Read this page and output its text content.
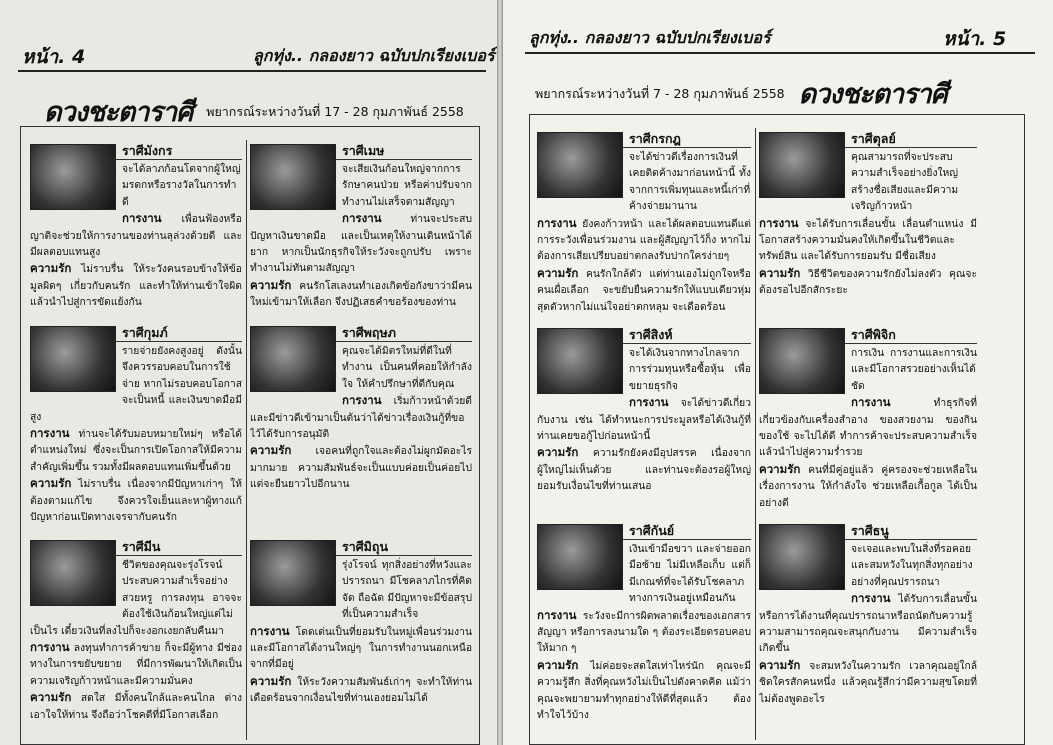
หน้า. 4	ลูกทุ่ง.. กลองยาว ฉบับปกเรียงเบอร์
ดวงชะตาราศี พยากรณ์ระหว่างวันที่ 17 - 28 กุมภาพันธ์ 2558
ราศีมังกร
จะได้ลาภก้อนโตจากผู้ใหญ่ มรดกหรือรางวัลในการทำดี
การงาน เพื่อนฟ้องหรือญาติจะช่วยให้การงานของท่านลุล่วงด้วยดี และมีผลตอบแทนสูง
ความรัก ไม่ราบรื่น ให้ระวังคนรอบข้างให้ข้อมูลผิดๆ เกี่ยวกับคนรัก และทำให้ท่านเข้าใจผิดแล้วนำไปสู่การขัดแย้งกัน
ราศีกุมภ์
รายจ่ายยังคงสูงอยู่ ดังนั้น จึงควรรอบคอบในการใช้จ่าย หากไม่รอบคอบโอกาสจะเป็นหนี้ และเงินขาดมือมีสูง
การงาน ท่านจะได้รับมอบหมายใหม่ๆ หรือได้ตำแหน่งใหม่ ซึ่งจะเป็นการเปิดโอกาสให้มีความสำคัญเพิ่มขึ้น รวมทั้งมีผลตอบแทนเพิ่มขึ้นด้วย
ความรัก ไม่ราบรื่น เนื่องจากมีปัญหาเก่าๆ ให้ต้องตามแก้ไข จึงควรใจเย็นและหาผู้ทางแก้ปัญหาก่อนเปิดทางเจรจากับคนรัก
ราศีมีน
ชีวิตของคุณจะรุ่งโรจน์ ประสบความสำเร็จอย่างสวยหรู การลงทุน อาจจะต้องใช้เงินก้อนใหญ่แต่ไม่เป็นไร เดี๋ยวเงินที่ลงไปก็จะงอกเงยกลับคืนมา
การงาน ลงทุนทำการค้าขาย ก็จะมีผู้ทาง มีช่องทางในการขยับขยาย ที่มีการพัฒนาให้เกิดเป็นความเจริญก้าวหน้าและมีความมั่นคง
ความรัก สดใส มีทั้งคนใกล้และคนไกล ต่างเอาใจให้ท่าน จึงถือว่าโชคดีที่มีโอกาสเลือก
ราศีเมษ
จะเสียเงินก้อนใหญ่จากการรักษาคนป่วย หรือค่าปรับจากทำงานไม่เสร็จตามสัญญา
การงาน	ท่านจะประสบปัญหาเงินขาดมือ และเป็นเหตุให้งานเดินหน้าได้ยาก หากเป็นนักธุรกิจให้ระวังจะถูกปรับ เพราะทำงานไม่ทันตามสัญญา
ความรัก คนรักโสเลงนทำเองเกิดข้อกังขาว่ามีคนใหม่เข้ามาให้เลือก จึงปฏิเสธคำขอร้องของท่าน
ราศีพฤษภ
คุณจะได้มิตรใหม่ที่ดีในที่ทำงาน เป็นคนที่คอยให้กำลังใจ ให้คำปรึกษาที่ดีกับคุณ
การงาน เริ่มก้าวหน้าด้วยดี และมีข่าวดีเข้ามาเป็นต้นว่าได้ข่าวเรื่องเงินกู้ที่ขอไว้ได้รับการอนุมัติ
ความรัก เจอคนที่ถูกใจและต้องไม่ผูกมัดอะไรมากมาย ความสัมพันธ์จะเป็นแบบค่อยเป็นค่อยไป แต่จะยืนยาวไปอีกนาน
ราศีมิถุน
รุ่งโรจน์ ทุกสิ่งอย่างที่หวังและปรารถนา มีโชคลาภไกรที่คิดจัด ถือฉัด มีปัญหาจะมีข้อสรุปที่เป็นความสำเร็จ
การงาน โดดเด่นเป็นที่ยอมรับในหมู่เพื่อนร่วมงาน และมีโอกาสได้งานใหญ่ๆ ในการทำงานนอกเหนือจากที่มีอยู่
ความรัก ให้ระวังความสัมพันธ์เก่าๆ จะทำให้ท่านเดือดร้อนจากเงื่อนไขที่ท่านเองยอมไม่ได้
ลูกทุ่ง.. กลองยาว ฉบับปกเรียงเบอร์	หน้า. 5
พยากรณ์ระหว่างวันที่ 7 - 28 กุมภาพันธ์ 2558 ดวงชะตาราศี
ราศีกรกฎ
จะได้ข่าวดีเรื่องการเงินที่เคยติดค้างมาก่อนหน้านี้ ทั้งจากการเพิ่มทุนและหนี้เก่าที่ค้างจ่ายมานาน
การงาน ยังคงก้าวหน้า และได้ผลตอบแทนดีแต่การระวังเพื่อนร่วมงาน และผู้สัญญาไว้ก็ง หากไม่ต้องการเสียเปรียบอย่าตกลงรับปากใครง่ายๆ
ความรัก คนรักใกล้ตัว แต่ท่านเองไม่ถูกใจหรือคนเผื่อเลือก จะขยับยืนความรักให้แบบเดียวหุ่มสุดตัวหากไม่แน่ใจอย่าตกหลุม จะเดือดร้อน
ราศีสิงห์
จะได้เงินจากทางไกลจากการร่วมทุนหรือซื้อหุ้น เพื่อขยายธุรกิจ
การงาน จะได้ข่าวดีเกี่ยวกับงาน เช่น ได้ทำหนะการประมูลหรือได้เงินกู้ที่ท่านเคยขอกู้ไปก่อนหน้านี้
ความรัก ความรักยังคงมีอุปสรรค เนื่องจากผู้ใหญ่ไม่เห็นด้วย และท่านจะต้องรอผู้ใหญ่ยอมรับเงื่อนไขที่ท่านเสนอ
ราศีกันย์
เงินเข้ามือขวา และจ่ายออกมือซ้าย ไม่มีเหลือเก็บ แต่ก็มีเกณฑ์ที่จะได้รับโชคลาภทางการเงินอยู่เหมือนกัน
การงาน ระวังจะมีการผิดพลาดเรื่องของเอกสารสัญญา หรือการลงนามใด ๆ ต้องระเอียดรอบคอบให้มาก ๆ
ความรัก ไม่ค่อยจะสดใสเท่าไหร่นัก คุณจะมีความรู้สึก สิ่งที่คุณหวังไม่เป็นไปดังคาดคิด แม้ว่าคุณจะพยายามทำทุกอย่างให้ดีที่สุดแล้ว ต้องทำใจไว้บ้าง
ราศีตุลย์
คุณสามารถที่จะประสบความสำเร็จอย่างยิ่งใหญ่ สร้างชื่อเสียงและมีความเจริญก้าวหน้า
การงาน จะได้รับการเลื่อนขั้น เลื่อนตำแหน่ง มีโอกาสสร้างความมั่นคงให้เกิดขึ้นในชีวิตและทรัพย์สิน และได้รับการยอมรับ มีชื่อเสียง
ความรัก วิธีชีวิตของความรักยังไม่ลงตัว คุณจะต้องรอไปอีกสักระยะ
ราศีพิจิก
การเงิน การงานและการเงิน และมีโอกาสรวยอย่างเห็นได้ชัด
การงาน	ทำธุรกิจที่เกี่ยวข้องกับเครื่องสำอาง ของสวยงาม ของกินของใช้ จะไปได้ดี ทำการค้าจะประสบความสำเร็จ แล้วนำไปสู่ความร่ำรวย
ความรัก คนที่มีคู่อยู่แล้ว คู่ครองจะช่วยเหลือในเรื่องการงาน ให้กำลังใจ ช่วยเหลือเกื้อกูล ได้เป็นอย่างดี
ราศีธนู
จะเจอและพบในสิ่งที่รอคอยและสมหวังในทุกสิ่งทุกอย่าง อย่างที่คุณปรารถนา
การงาน ได้รับการเลื่อนขั้นหรือการได้งานที่คุณปรารถนาหรือถนัดกับความรู้ ความสามารถคุณจะสนุกกับงาน มีความสำเร็จเกิดขึ้น
ความรัก จะสมหวังในความรัก เวลาคุณอยู่ใกล้ชิดใครสักคนหนึ่ง แล้วคุณรู้สึกว่ามีความสุขโดยที่ไม่ต้องพูดอะไร
